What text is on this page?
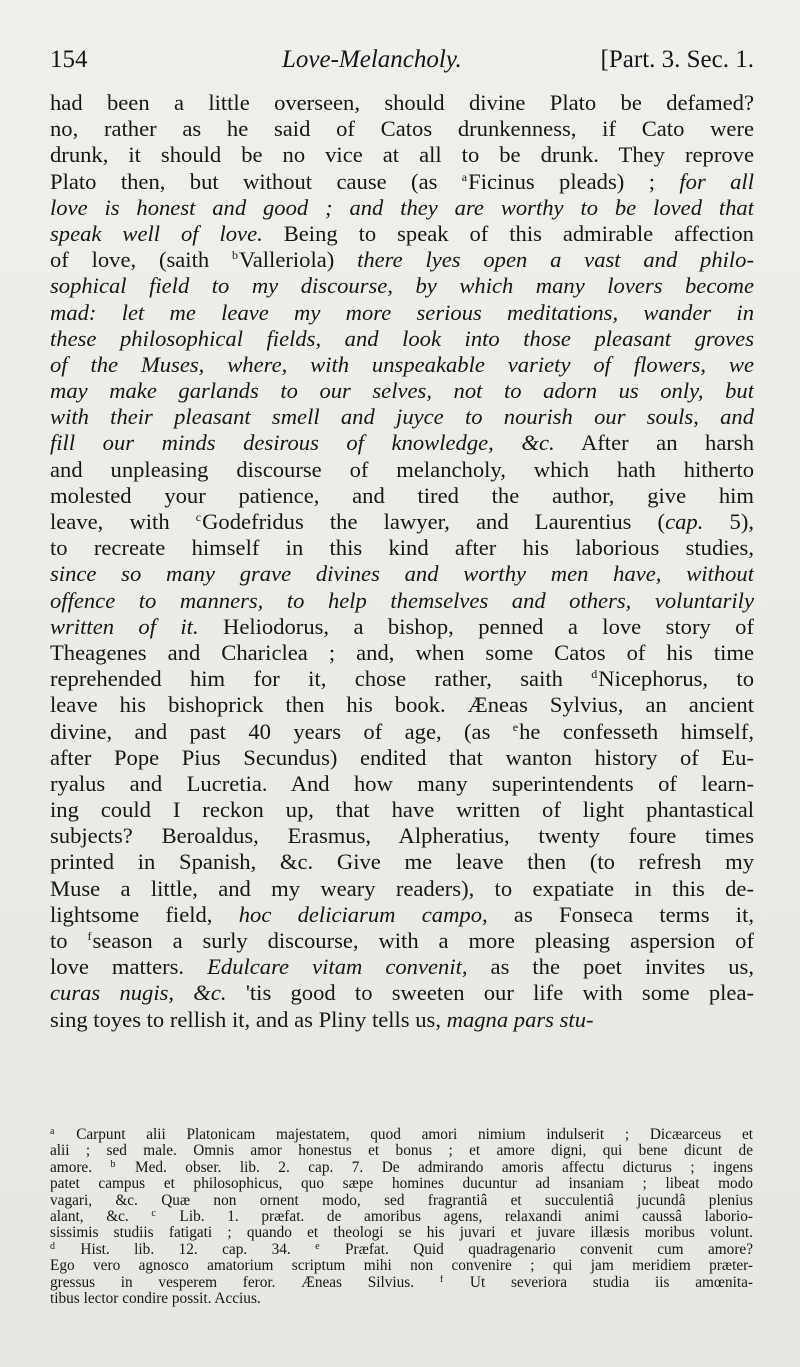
154	Love-Melancholy.	[Part. 3. Sec. 1.
had been a little overseen, should divine Plato be defamed?
no, rather as he said of Catos drunkenness, if Cato were
drunk, it should be no vice at all to be drunk. They reprove
Plato then, but without cause (as $^a$Ficinus pleads) ; for all
love is honest and good ; and they are worthy to be loved that
speak well of love. Being to speak of this admirable affection
of love, (saith $^b$Valleriola) there lyes open a vast and philo-
sophical field to my discourse, by which many lovers become
mad: let me leave my more serious meditations, wander in
these philosophical fields, and look into those pleasant groves
of the Muses, where, with unspeakable variety of flowers, we
may make garlands to our selves, not to adorn us only, but
with their pleasant smell and juyce to nourish our souls, and
fill our minds desirous of knowledge, &c. After an harsh
and unpleasing discourse of melancholy, which hath hitherto
molested your patience, and tired the author, give him
leave, with $^c$Godefridus the lawyer, and Laurentius (cap. 5),
to recreate himself in this kind after his laborious studies,
since so many grave divines and worthy men have, without
offence to manners, to help themselves and others, voluntarily
written of it. Heliodorus, a bishop, penned a love story of
Theagenes and Chariclea ; and, when some Catos of his time
reprehended him for it, chose rather, saith $^d$Nicephorus, to
leave his bishoprick then his book. Æneas Sylvius, an ancient
divine, and past 40 years of age, (as $^e$he confesseth himself,
after Pope Pius Secundus) endited that wanton history of Eu-
ryalus and Lucretia. And how many superintendents of learn-
ing could I reckon up, that have written of light phantastical
subjects? Beroaldus, Erasmus, Alpheratius, twenty foure times
printed in Spanish, &c. Give me leave then (to refresh my
Muse a little, and my weary readers), to expatiate in this de-
lightsome field, hoc deliciarum campo, as Fonseca terms it,
to $^f$season a surly discourse, with a more pleasing aspersion of
love matters. Edulcare vitam convenit, as the poet invites us,
curas nugis, &c. 'tis good to sweeten our life with some plea-
sing toyes to rellish it, and as Pliny tells us, magna pars stu-
$^a$ Carpunt alii Platonicam majestatem, quod amori nimium indulserit ; Dicæarceus et
alii ; sed male. Omnis amor honestus et bonus ; et amore digni, qui bene dicunt de
amore. $^b$ Med. obser. lib. 2. cap. 7. De admirando amoris affectu dicturus ; ingens
patet campus et philosophicus, quo sæpe homines ducuntur ad insaniam ; libeat modo
vagari, &c. Quæ non ornent modo, sed fragrantiâ et succulentiâ jucundâ plenius
alant, &c. $^c$ Lib. 1. præfat. de amoribus agens, relaxandi animi caussâ laborio-
sissimis studiis fatigati ; quando et theologi se his juvari et juvare illæsis moribus volunt.
$^d$ Hist. lib. 12. cap. 34. $^e$ Præfat. Quid quadragenario convenit cum amore?
Ego vero agnosco amatorium scriptum mihi non convenire ; qui jam meridiem præter-
gressus in vesperem feror. Æneas Silvius. $^f$ Ut severiora studia iis amœnita-
tibus lector condire possit. Accius.
